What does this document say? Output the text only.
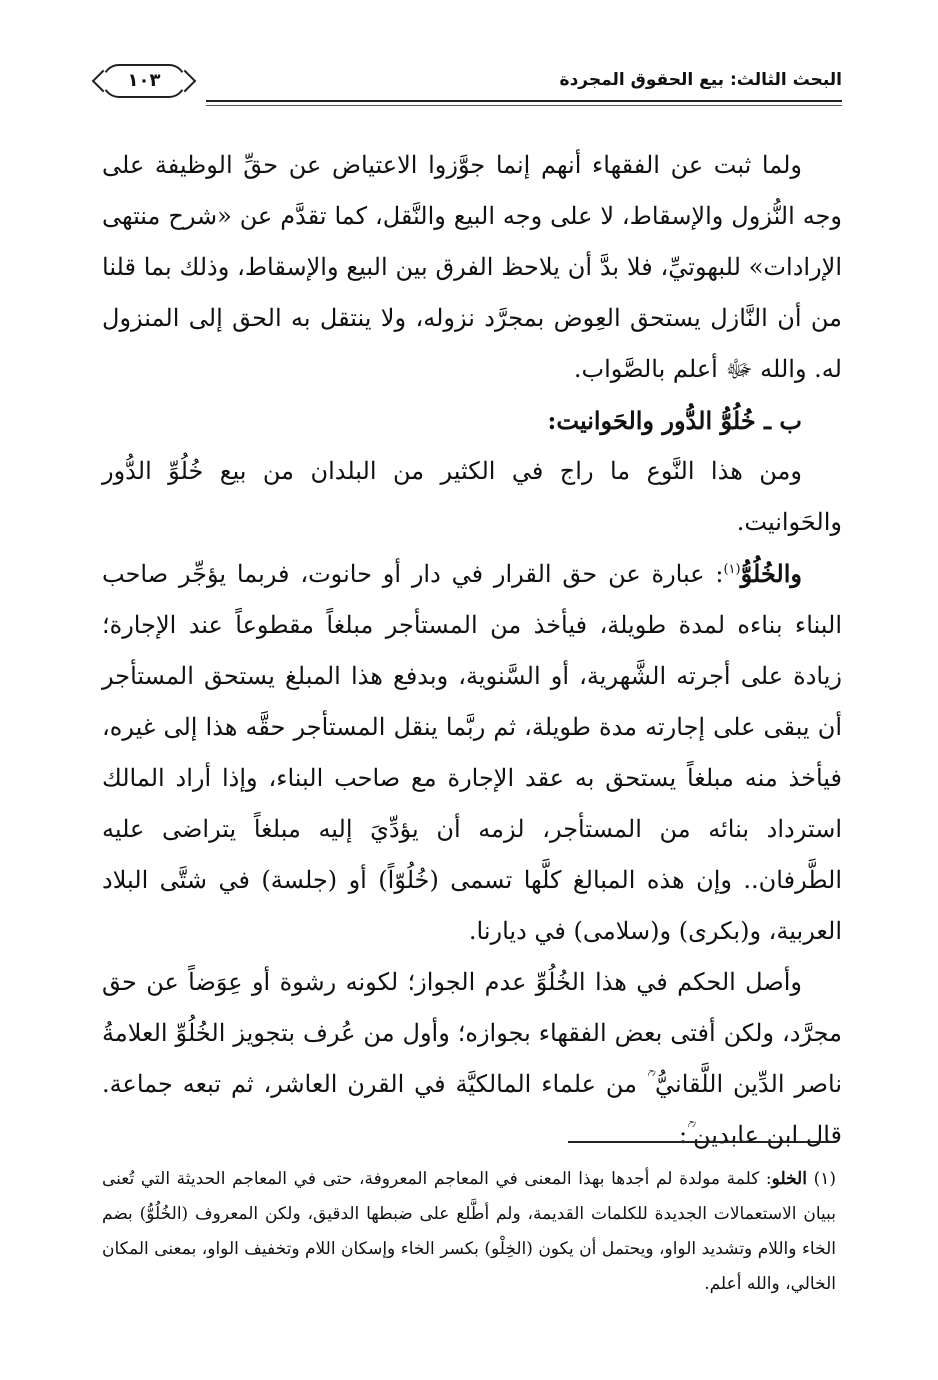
البحث الثالث: بيع الحقوق المجردة
١٠٣

ولما ثبت عن الفقهاء أنهم إنما جوَّزوا الاعتياض عن حقِّ الوظيفة على وجه النُّزول والإسقاط، لا على وجه البيع والنَّقل، كما تقدَّم عن «شرح منتهى الإرادات» للبهوتيِّ، فلا بدَّ أن يلاحظ الفرق بين البيع والإسقاط، وذلك بما قلنا من أن النَّازل يستحق العِوض بمجرَّد نزوله، ولا ينتقل به الحق إلى المنزول له. والله ﷻ أعلم بالصَّواب.

ب ـ خُلُوُّ الدُّور والحَوانيت:

ومن هذا النَّوع ما راج في الكثير من البلدان من بيع خُلُوِّ الدُّور والحَوانيت.

والخُلُوُّ$^{(١)}$: عبارة عن حق القرار في دار أو حانوت، فربما يؤجِّر صاحب البناء بناءه لمدة طويلة، فيأخذ من المستأجر مبلغاً مقطوعاً عند الإجارة؛ زيادة على أجرته الشَّهرية، أو السَّنوية، وبدفع هذا المبلغ يستحق المستأجر أن يبقى على إجارته مدة طويلة، ثم ربَّما ينقل المستأجر حقَّه هذا إلى غيره، فيأخذ منه مبلغاً يستحق به عقد الإجارة مع صاحب البناء، وإذا أراد المالك استرداد بنائه من المستأجر، لزمه أن يؤدِّيَ إليه مبلغاً يتراضى عليه الطَّرفان.. وإن هذه المبالغ كلَّها تسمى (خُلُوّاً) أو (جلسة) في شتَّى البلاد العربية، و(بكرى) و(سلامى) في ديارنا.

وأصل الحكم في هذا الخُلُوِّ عدم الجواز؛ لكونه رشوة أو عِوَضاً عن حق مجرَّد، ولكن أفتى بعض الفقهاء بجوازه؛ وأول من عُرف بتجويز الخُلُوِّ العلامةُ ناصر الدِّين اللَّقانيُّ ؒ من علماء المالكيَّة في القرن العاشر، ثم تبعه جماعة. قال ابن عابدين ؒ:

(١) الخلو: كلمة مولدة لم أجدها بهذا المعنى في المعاجم المعروفة، حتى في المعاجم الحديثة التي تُعنى ببيان الاستعمالات الجديدة للكلمات القديمة، ولم أطَّلع على ضبطها الدقيق، ولكن المعروف (الخُلُوُّ) بضم الخاء واللام وتشديد الواو، ويحتمل أن يكون (الخِلْو) بكسر الخاء وإسكان اللام وتخفيف الواو، بمعنى المكان الخالي، والله أعلم.
